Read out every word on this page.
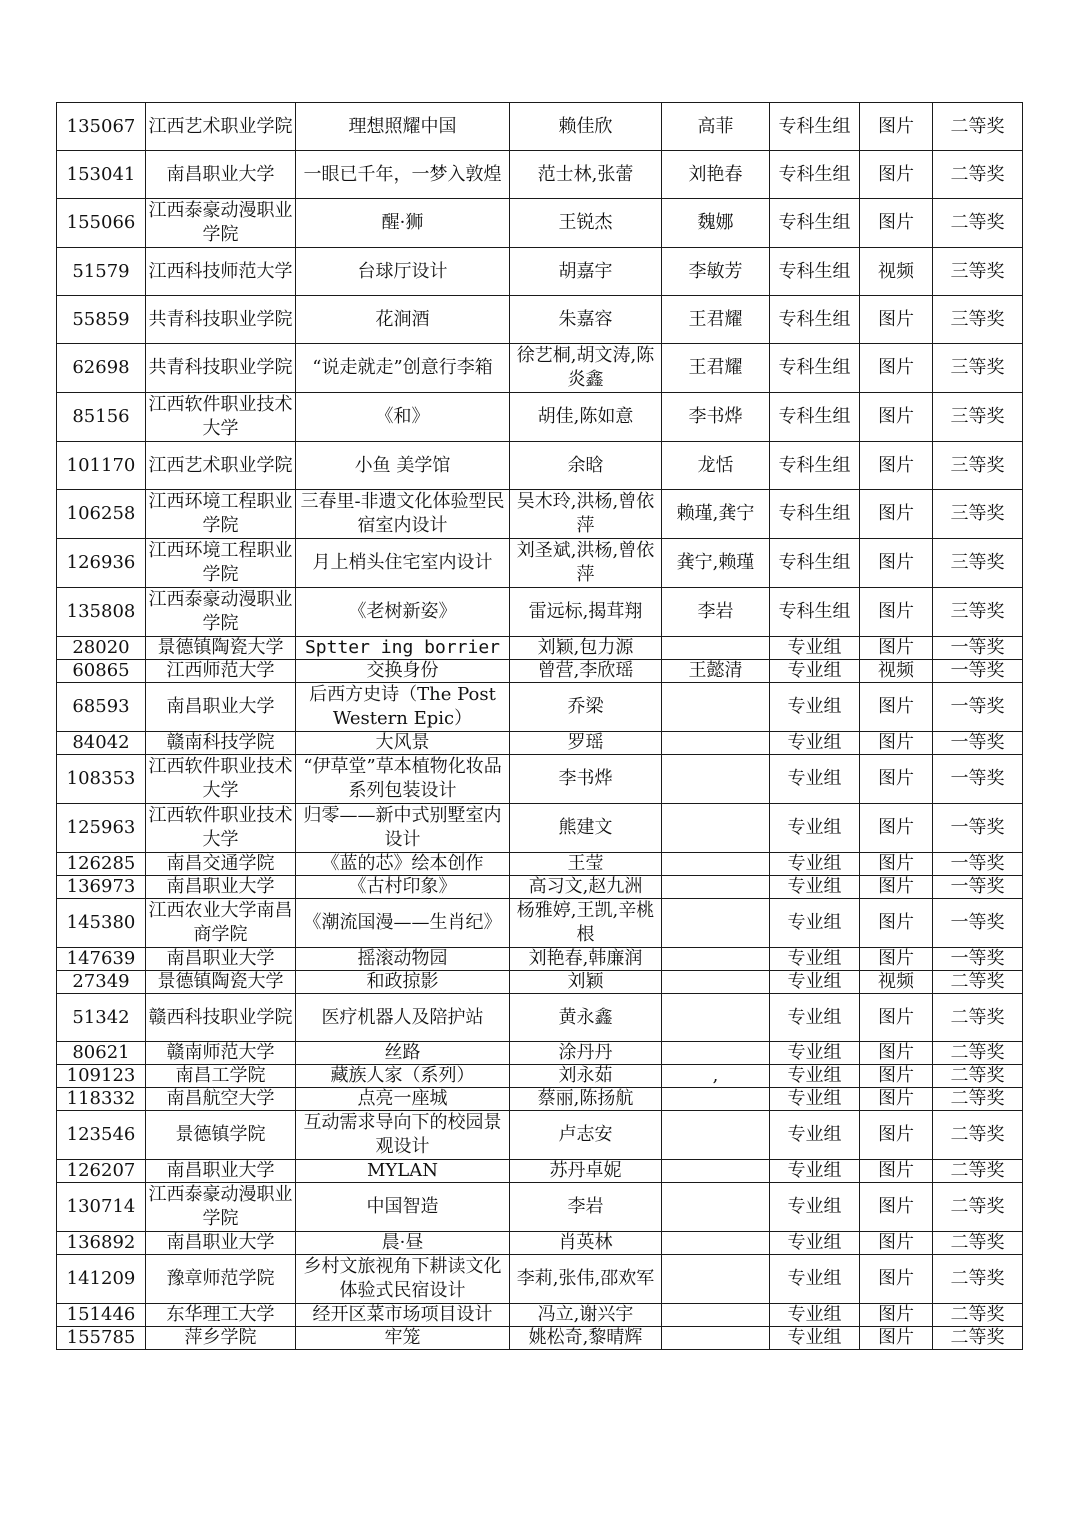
135067	江西艺术职业学院	理想照耀中国	赖佳欣	高菲	专科生组	图片	二等奖
153041	南昌职业大学	一眼已千年，一梦入敦煌	范士林,张蕾	刘艳春	专科生组	图片	二等奖
155066	江西泰豪动漫职业学院	醒·狮	王锐杰	魏娜	专科生组	图片	二等奖
51579	江西科技师范大学	台球厅设计	胡嘉宇	李敏芳	专科生组	视频	三等奖
55859	共青科技职业学院	花涧酒	朱嘉容	王君耀	专科生组	图片	三等奖
62698	共青科技职业学院	“说走就走”创意行李箱	徐艺桐,胡文涛,陈炎鑫	王君耀	专科生组	图片	三等奖
85156	江西软件职业技术大学	《和》	胡佳,陈如意	李书烨	专科生组	图片	三等奖
101170	江西艺术职业学院	小鱼 美学馆	余晗	龙恬	专科生组	图片	三等奖
106258	江西环境工程职业学院	三春里-非遗文化体验型民宿室内设计	吴木玲,洪杨,曾依萍	赖瑾,龚宁	专科生组	图片	三等奖
126936	江西环境工程职业学院	月上梢头住宅室内设计	刘圣斌,洪杨,曾依萍	龚宁,赖瑾	专科生组	图片	三等奖
135808	江西泰豪动漫职业学院	《老树新姿》	雷远标,揭茸翔	李岩	专科生组	图片	三等奖
28020	景德镇陶瓷大学	Sptter ing borrier	刘颖,包力源		专业组	图片	一等奖
60865	江西师范大学	交换身份	曾营,李欣瑶	王懿清	专业组	视频	一等奖
68593	南昌职业大学	后西方史诗（The Post Western Epic）	乔梁		专业组	图片	一等奖
84042	赣南科技学院	大风景	罗瑶		专业组	图片	一等奖
108353	江西软件职业技术大学	“伊草堂”草本植物化妆品系列包装设计	李书烨		专业组	图片	一等奖
125963	江西软件职业技术大学	归零——新中式别墅室内设计	熊建文		专业组	图片	一等奖
126285	南昌交通学院	《蓝的芯》绘本创作	王莹		专业组	图片	一等奖
136973	南昌职业大学	《古村印象》	高习文,赵九洲		专业组	图片	一等奖
145380	江西农业大学南昌商学院	《潮流国漫——生肖纪》	杨雅婷,王凯,辛桃根		专业组	图片	一等奖
147639	南昌职业大学	摇滚动物园	刘艳春,韩廉润		专业组	图片	一等奖
27349	景德镇陶瓷大学	和政掠影	刘颖		专业组	视频	二等奖
51342	赣西科技职业学院	医疗机器人及陪护站	黄永鑫		专业组	图片	二等奖
80621	赣南师范大学	丝路	涂丹丹		专业组	图片	二等奖
109123	南昌工学院	藏族人家（系列）	刘永茹	,	专业组	图片	二等奖
118332	南昌航空大学	点亮一座城	蔡丽,陈扬航		专业组	图片	二等奖
123546	景德镇学院	互动需求导向下的校园景观设计	卢志安		专业组	图片	二等奖
126207	南昌职业大学	MYLAN	苏丹卓妮		专业组	图片	二等奖
130714	江西泰豪动漫职业学院	中国智造	李岩		专业组	图片	二等奖
136892	南昌职业大学	晨·昼	肖英林		专业组	图片	二等奖
141209	豫章师范学院	乡村文旅视角下耕读文化体验式民宿设计	李莉,张伟,邵欢军		专业组	图片	二等奖
151446	东华理工大学	经开区菜市场项目设计	冯立,谢兴宇		专业组	图片	二等奖
155785	萍乡学院	牢笼	姚松奇,黎晴辉		专业组	图片	二等奖
